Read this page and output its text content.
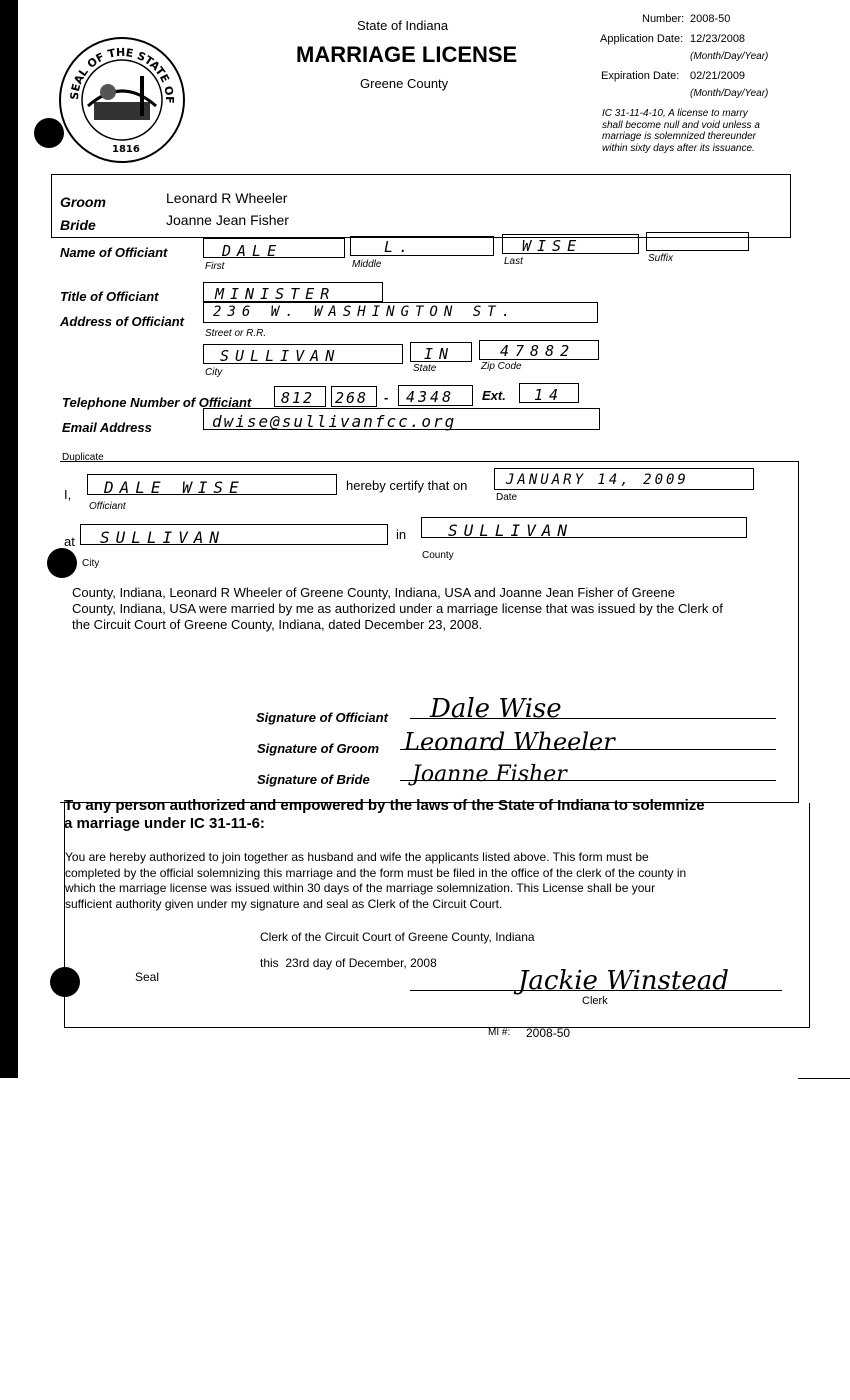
SEAL OF THE STATE OF
1816
State of Indiana
MARRIAGE LICENSE
Greene County
Number: 2008-50
Application Date: 12/23/2008
(Month/Day/Year)
Expiration Date: 02/21/2009
(Month/Day/Year)
IC 31-11-4-10, A license to marry
shall become null and void unless a
marriage is solemnized thereunder
within sixty days after its issuance.
Groom	Leonard R Wheeler
Bride	Joanne Jean Fisher
Name of Officiant	DALE
First
L.
Middle
WISE
Last	Suffix
Title of Officiant	MINISTER
Address of Officiant
236 W. WASHINGTON ST.
Street or R.R.
SULLIVAN
City
IN
State
47882
Zip Code
Telephone Number of Officiant 812 268 - 4348 Ext. 14
Email Address	dwise@sullivanfcc.org
Duplicate
I, DALE WISE
Officiant
hereby certify that on	JANUARY 14, 2009
Date
at SULLIVAN
City
in	SULLIVAN
County
County, Indiana, Leonard R Wheeler of Greene County, Indiana, USA and Joanne Jean Fisher of Greene
County, Indiana, USA were married by me as authorized under a marriage license that was issued by the Clerk of
the Circuit Court of Greene County, Indiana, dated December 23, 2008.
Signature of Officiant Dale Wise
Signature of Groom Leonard Wheeler
Signature of Bride Joanne Fisher
To any person authorized and empowered by the laws of the State of Indiana to solemnize
a marriage under IC 31-11-6:
You are hereby authorized to join together as husband and wife the applicants listed above. This form must be
completed by the official solemnizing this marriage and the form must be filed in the office of the clerk of the county in
which the marriage license was issued within 30 days of the marriage solemnization. This License shall be your
sufficient authority given under my signature and seal as Clerk of the Circuit Court.
Clerk of the Circuit Court of Greene County, Indiana
this  23rd day of December, 2008
Seal	Jackie Winstead
Clerk
MI #: 2008-50
